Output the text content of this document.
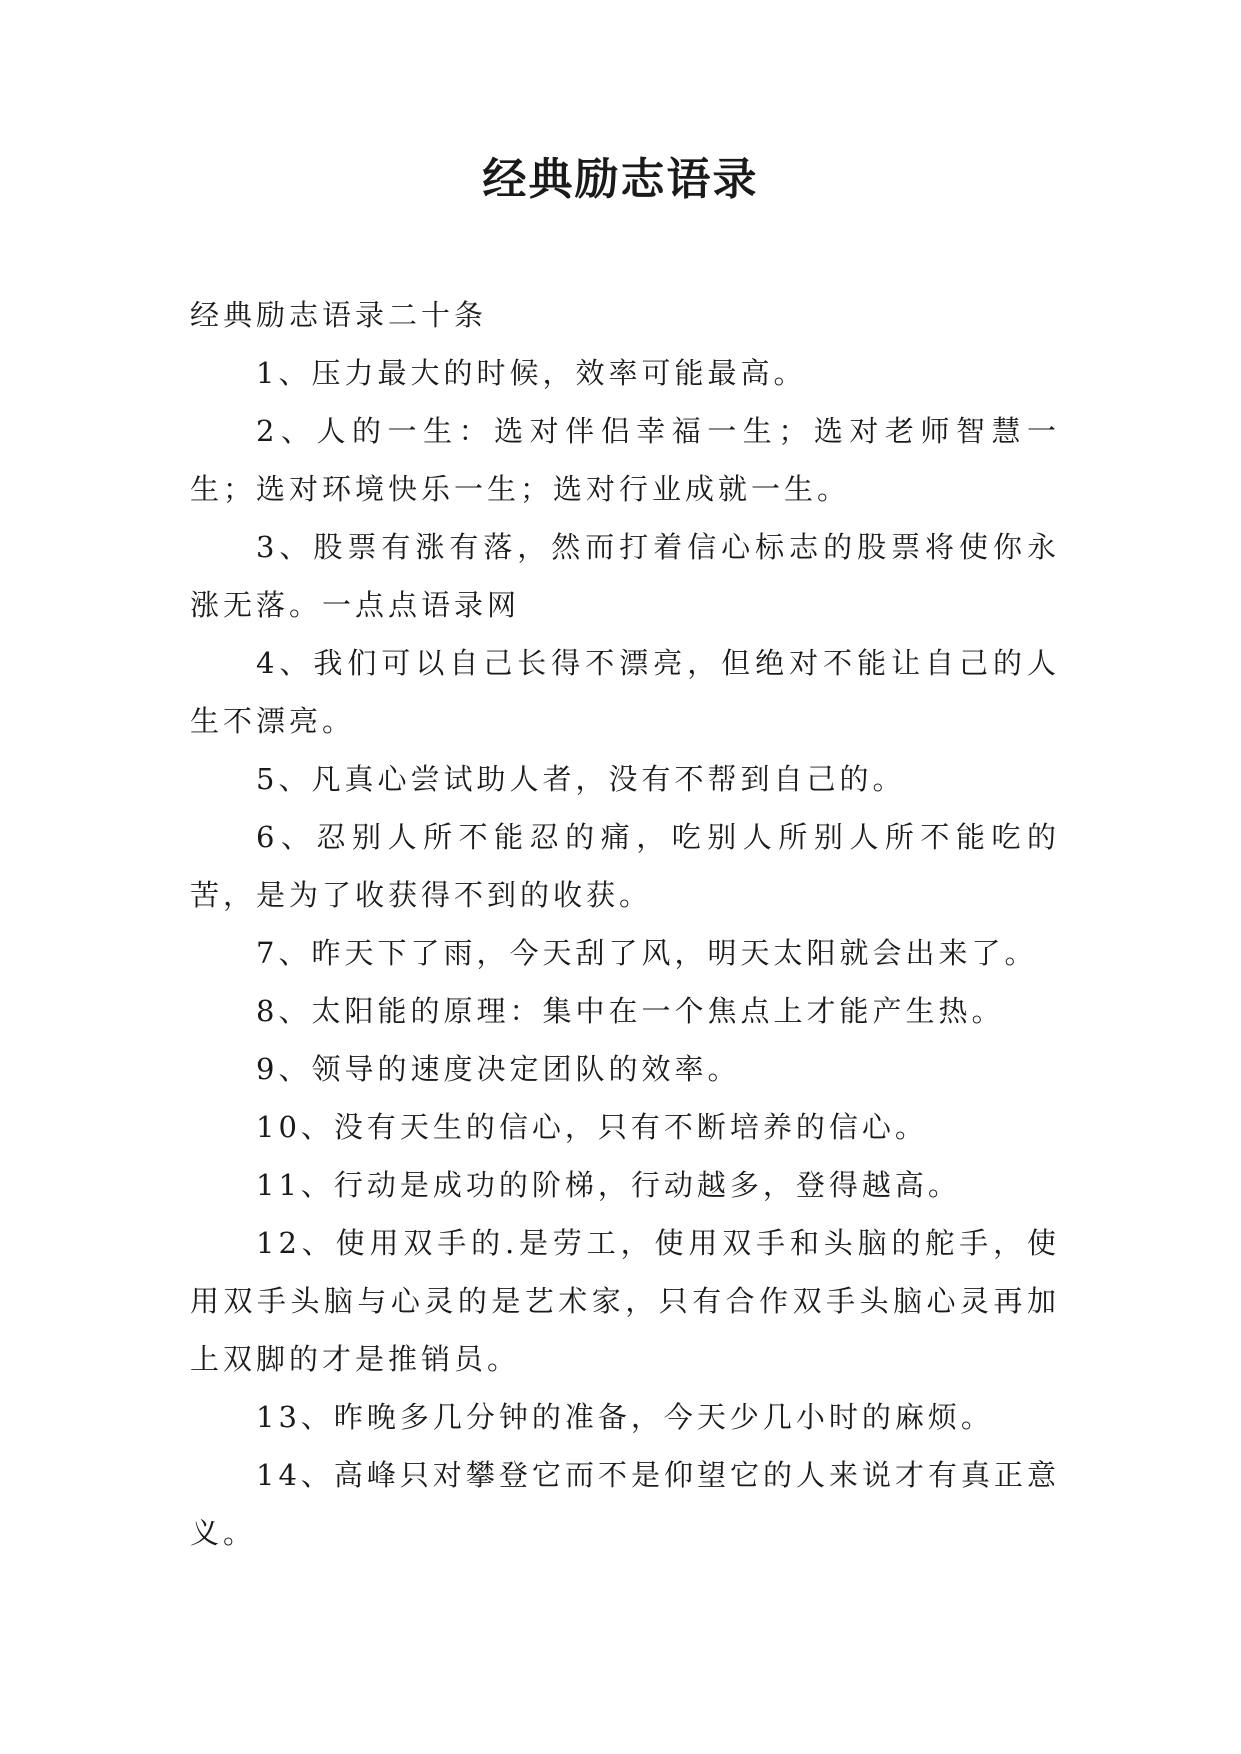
经典励志语录

经典励志语录二十条

1、压力最大的时候，效率可能最高。

2、人的一生：选对伴侣幸福一生；选对老师智慧一生；选对环境快乐一生；选对行业成就一生。

3、股票有涨有落，然而打着信心标志的股票将使你永涨无落。一点点语录网

4、我们可以自己长得不漂亮，但绝对不能让自己的人生不漂亮。

5、凡真心尝试助人者，没有不帮到自己的。

6、忍别人所不能忍的痛，吃别人所别人所不能吃的苦，是为了收获得不到的收获。

7、昨天下了雨，今天刮了风，明天太阳就会出来了。

8、太阳能的原理：集中在一个焦点上才能产生热。

9、领导的速度决定团队的效率。

10、没有天生的信心，只有不断培养的信心。

11、行动是成功的阶梯，行动越多，登得越高。

12、使用双手的.是劳工，使用双手和头脑的舵手，使用双手头脑与心灵的是艺术家，只有合作双手头脑心灵再加上双脚的才是推销员。

13、昨晚多几分钟的准备，今天少几小时的麻烦。

14、高峰只对攀登它而不是仰望它的人来说才有真正意义。
